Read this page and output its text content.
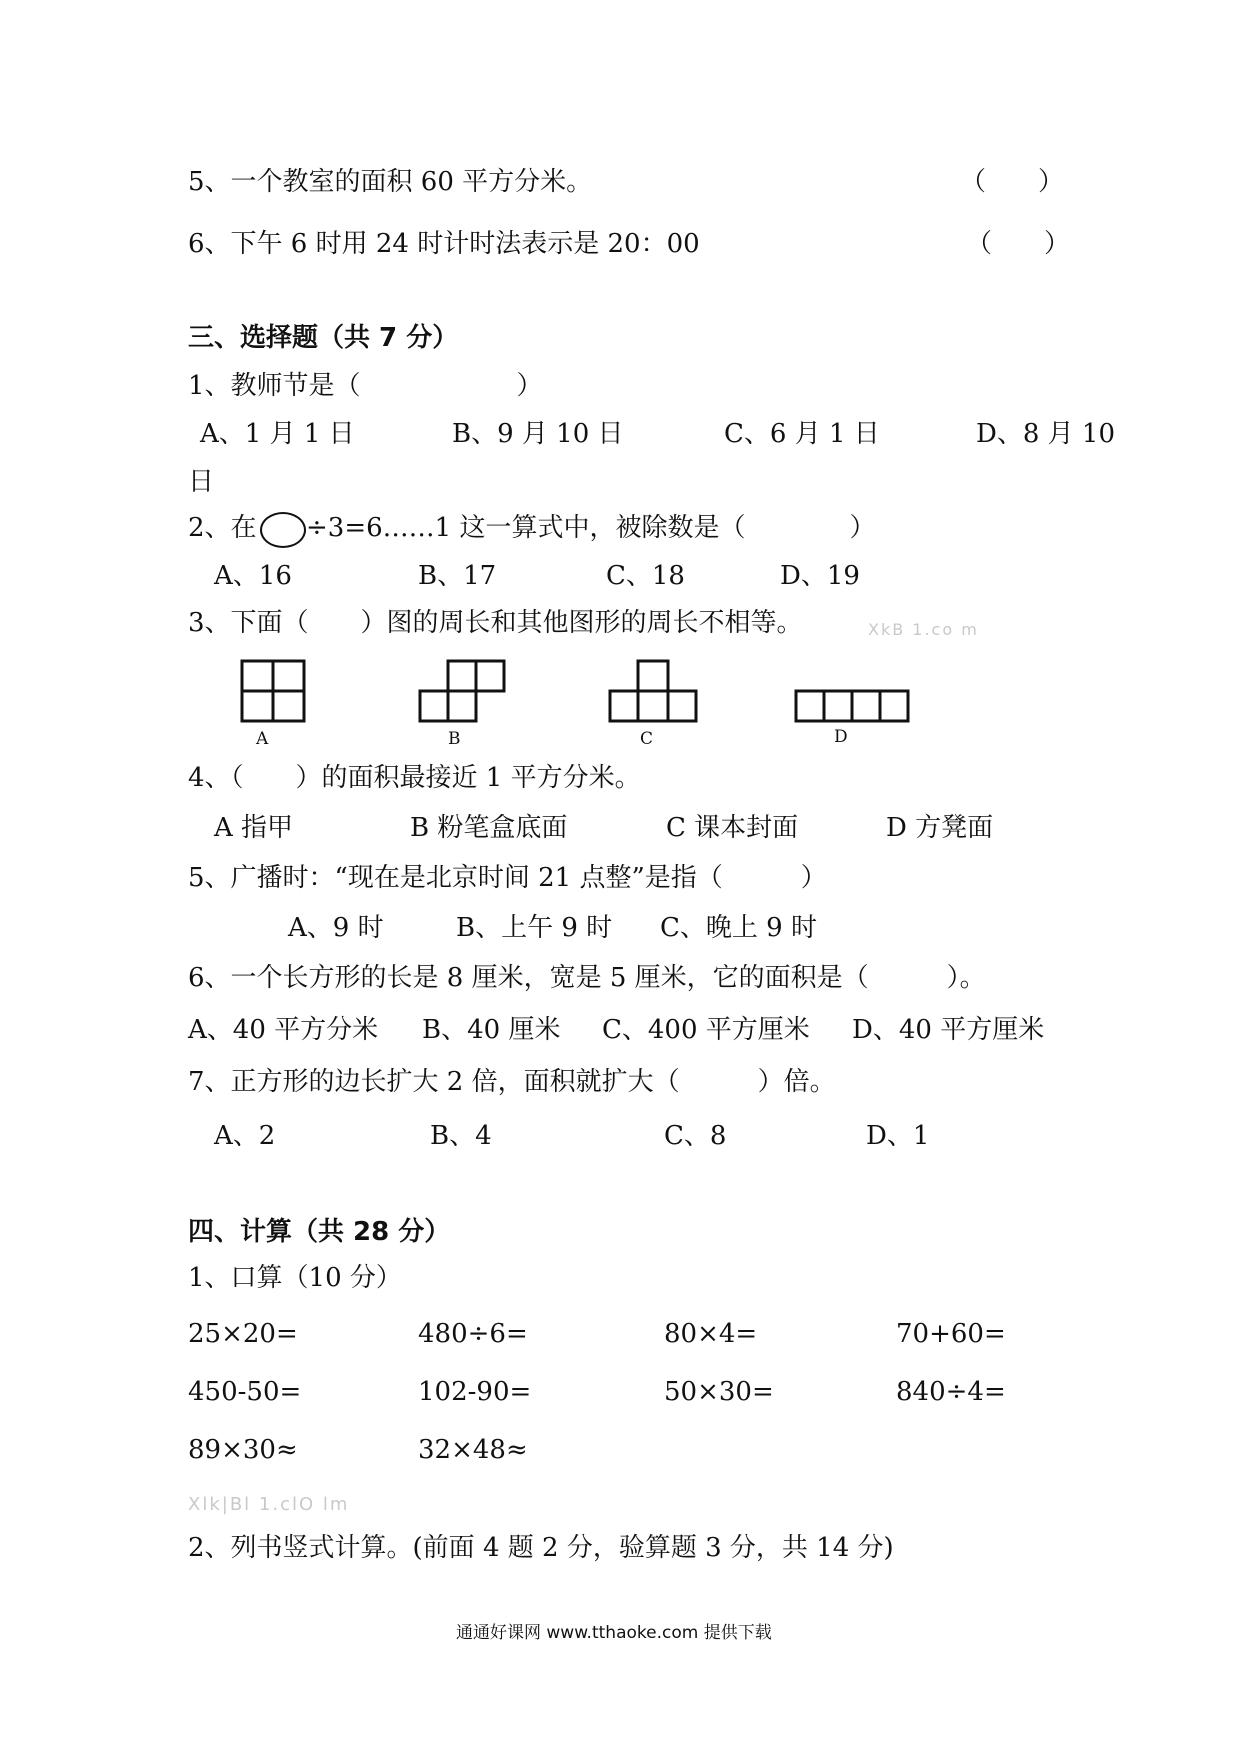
5、一个教室的面积 60 平方分米。	（　　）
6、下午 6 时用 24 时计时法表示是 20：00	（　　）
三、选择题（共 7 分）
1、教师节是（　　　　　　）
A、1 月 1 日	B、9 月 10 日	C、6 月 1 日	D、8 月 10
日
2、在 ÷3=6……1 这一算式中，被除数是（　　　　）
A、16	B、17	C、18	D、19
3、下面（　　）图的周长和其他图形的周长不相等。	XkB 1.co m
A	B	C	D
4、（　　）的面积最接近 1 平方分米。
A 指甲	B 粉笔盒底面	C 课本封面	D 方凳面
5、广播时：“现在是北京时间 21 点整”是指（　　　）
A、9 时	B、上午 9 时 C、晚上 9 时
6、一个长方形的长是 8 厘米，宽是 5 厘米，它的面积是（　　　）。
A、40 平方分米 B、40 厘米 C、400 平方厘米 D、40 平方厘米
7、正方形的边长扩大 2 倍，面积就扩大（　　　）倍。
A、2	B、4	C、8	D、1
四、计算（共 28 分）
1、口算（10 分）
25×20=	480÷6=	80×4=	70+60=
450-50=	102-90=	50×30=	840÷4=
89×30≈	32×48≈
Xlk|Bl 1.clO lm
2、列书竖式计算。(前面 4 题 2 分，验算题 3 分，共 14 分)
通通好课网 www.tthaoke.com 提供下载
